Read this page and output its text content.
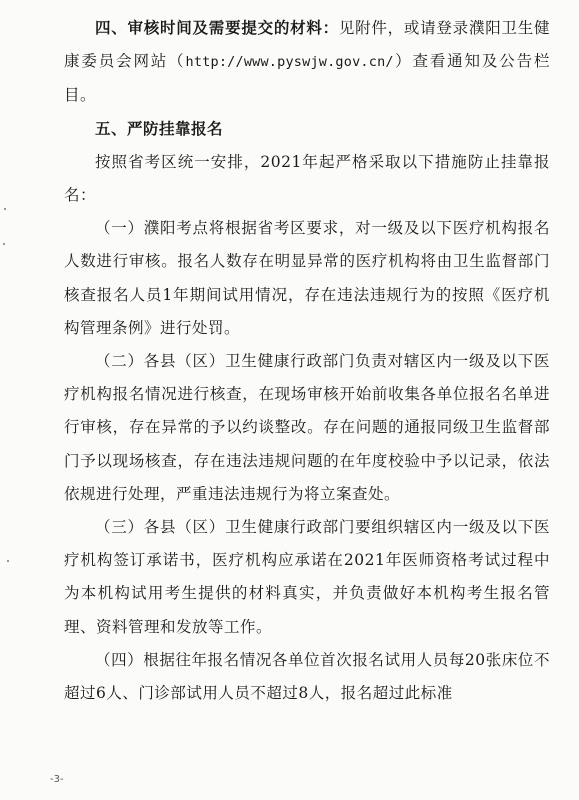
四、审核时间及需要提交的材料：见附件，或请登录濮阳卫生健康委员会网站（http://www.pyswjw.gov.cn/）查看通知及公告栏目。

五、严防挂靠报名

按照省考区统一安排，2021年起严格采取以下措施防止挂靠报名：

（一）濮阳考点将根据省考区要求，对一级及以下医疗机构报名人数进行审核。报名人数存在明显异常的医疗机构将由卫生监督部门核查报名人员1年期间试用情况，存在违法违规行为的按照《医疗机构管理条例》进行处罚。

（二）各县（区）卫生健康行政部门负责对辖区内一级及以下医疗机构报名情况进行核查，在现场审核开始前收集各单位报名名单进行审核，存在异常的予以约谈整改。存在问题的通报同级卫生监督部门予以现场核查，存在违法违规问题的在年度校验中予以记录，依法依规进行处理，严重违法违规行为将立案查处。

（三）各县（区）卫生健康行政部门要组织辖区内一级及以下医疗机构签订承诺书，医疗机构应承诺在2021年医师资格考试过程中为本机构试用考生提供的材料真实，并负责做好本机构考生报名管理、资料管理和发放等工作。

（四）根据往年报名情况各单位首次报名试用人员每20张床位不超过6人、门诊部试用人员不超过8人，报名超过此标准

-3-
